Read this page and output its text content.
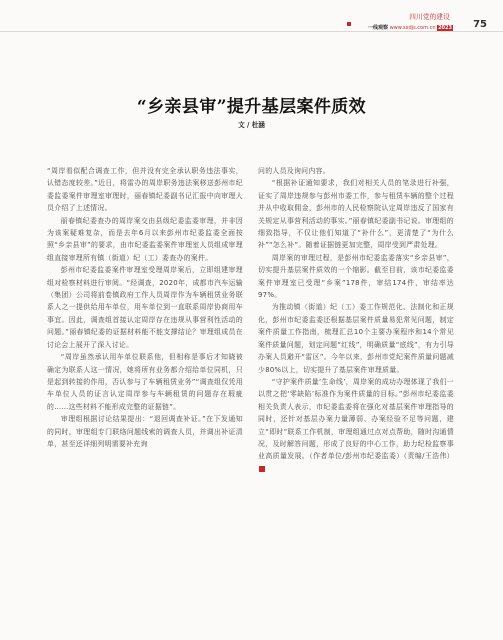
四川党的建设
一线观察 www.sxdjs.com.cn 2023 75
“乡亲县审”提升基层案件质效
文 / 杜涵

“周岸看似配合调查工作，但并没有完全承认职务违法事实，认错态度较差。”近日，将雷办的周岸职务违法案移送彭州市纪委监委案件审理室审理时，丽春镇纪委副书记汇报中向审理人员介绍了上述情况。

丽春镇纪委查办的周岸案交由县级纪委监委审理，并非因为该案疑难复杂，而是去年6月以来彭州市纪委监委全面按照“乡亲县审”的要求，由市纪委监委案件审理室人员组成审理组直接审理所有镇（街道）纪（工）委查办的案件。

彭州市纪委监委案件审理室受理周岸案后，立即组建审理组对检察材料进行审阅。“经调查，2020年，成都市汽车运输（集团）公司将前卷镇政府工作人员周岸作为车辆租赁业务联系人之一提供给用车单位，用车单位到一直联系周岸协商用车事宜。因此，调查组首接认定周岸存在违规从事营利性活动的问题。”丽春镇纪委的证据材料能不能支撑结论？审理组成员在讨论会上展开了深入讨论。

“周岸虽然承认用车单位联系他，但相称是事后才知晓被确定为联系人这一情况，她将所有业务都介绍给单位同机，只是起到转接的作用，否认参与了车辆租赁业务”“调查组仅凭用车单位人员的证言认定周岸参与车辆租赁的问题存在瑕疵的……这些材料不能形成完整的证据链”。

审理组根据讨论结果提出：“退回调查补证。”在下发通知的同时，审理组专门联络问题线索的调查人员，并调出补证清单，甚至还详细列明需要补充询

问的人员及询问内容。

“根据补证通知要求，我们对相关人员的笔录进行补强，证实了周岸违规参与彭州市委工作，参与租赁车辆的整个过程并从中收取佣金，彭州市的人民检察院认定周岸违反了国家有关规定从事营利活动的事实。”丽春镇纪委副书记说。审理组的细致指导，不仅让他们知道了“补什么”，更清楚了“为什么补”“怎么补”。随着证据链更加完整，周岸受到严肃处理。

周岸案的审理过程，是彭州市纪委监委落实“乡亲县审”，切实提升基层案件质效的一个缩影。截至目前，该市纪委监委案件审理室已受理“乡案”178件，审结174件，审结率达97%。

为推动镇（街道）纪（工）委工作规范化、法制化和正规化，彭州市纪委监委还根据基层案件质量易犯常见问题，制定案件质量工作指南，梳理汇总10个主要办案程序和14个常见案件质量问题，划定问题“红线”，明确质量“底线”，有力引导办案人员避开“雷区”。今年以来，彭州市党纪案件质量问题减少80%以上，切实提升了基层案件审理质量。

“守护案件质量‘生命线’，周岸案的成功办理体现了我们一以贯之把‘零缺陷’标准作为案件质量的目标。”彭州市纪委监委相关负责人表示，市纪委监委将在强化对基层案件审理指导的同时，还针对基层办案力量薄弱、办案经验不足等问题，建立“即时”联系工作机制，审理组通过点对点帮助，随时沟通情况，及时解答问题，形成了良好的中心工作，助力纪检监察事业高质量发展。（作者单位/彭州市纪委监委）（责编/王浩伟）
